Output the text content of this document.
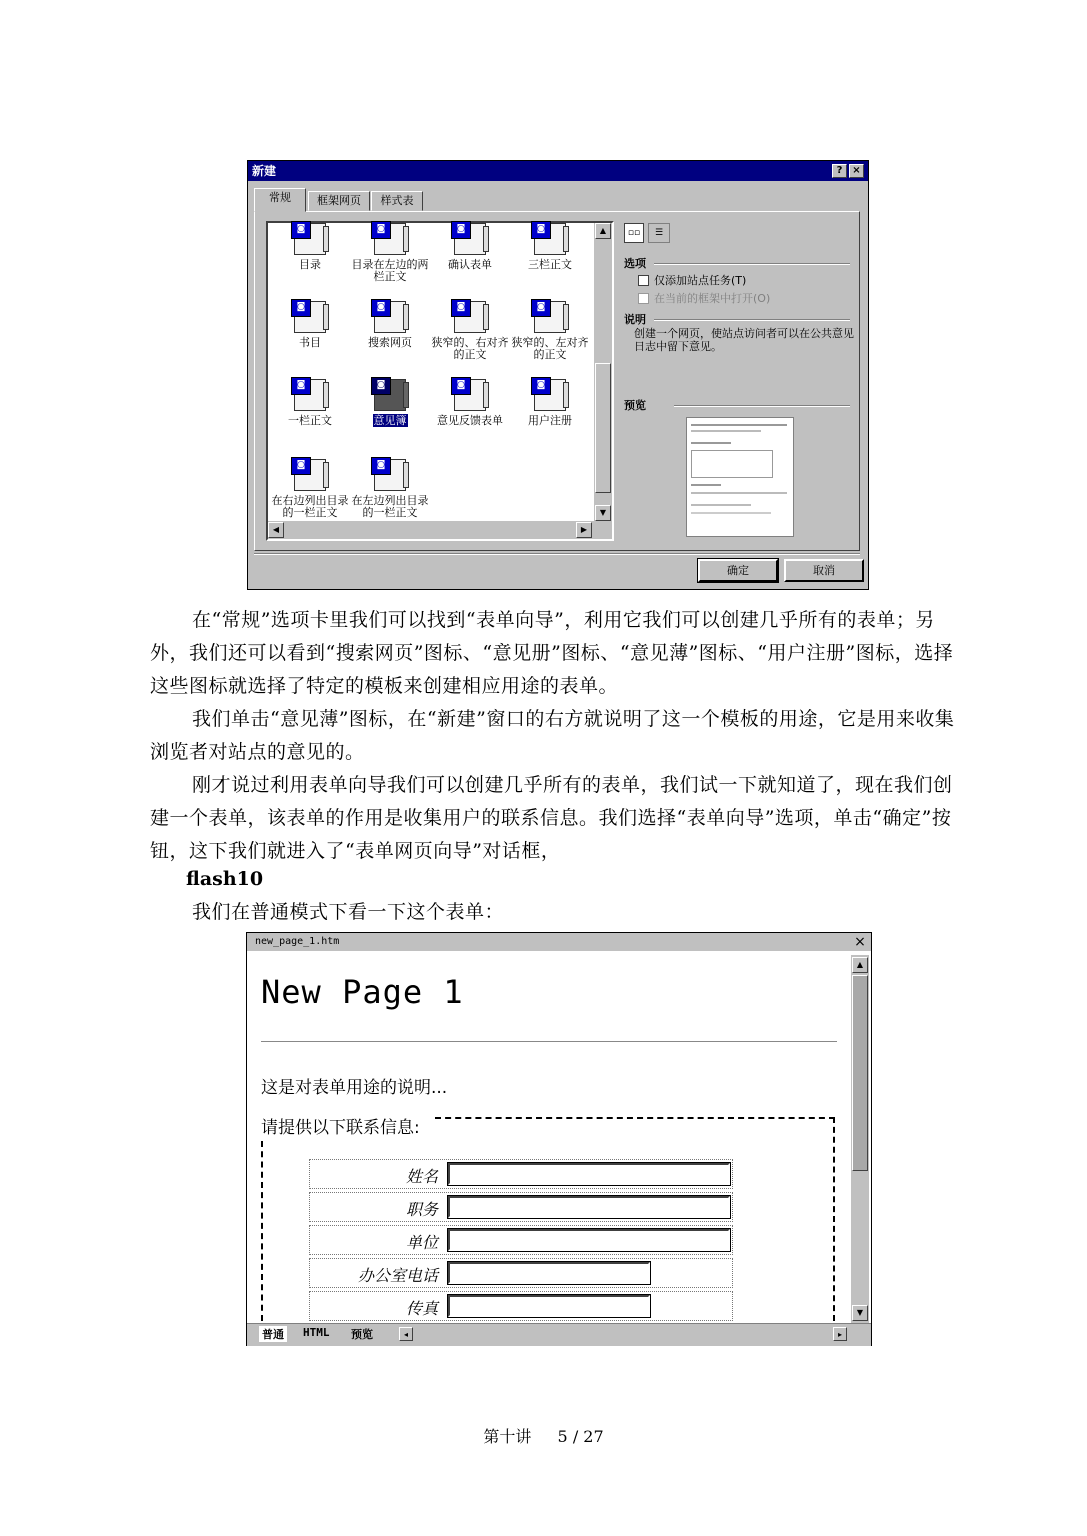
新建	? ×
常规	框架网页	样式表
◙
目录
◙
目录在左边的两栏正文
◙
确认表单
◙
三栏正文
◙
书目
◙
搜索网页
◙
狭窄的、右对齐的正文
◙
狭窄的、左对齐的正文
◙
一栏正文
◙
意见簿
◙
意见反馈表单
◙
用户注册
◙
在右边列出目录的一栏正文
◙
在左边列出目录的一栏正文
▲
▼
◀	▶
▫▫	☰
选项
仅添加站点任务(T)
在当前的框架中打开(O)
说明
创建一个网页，使站点访问者可以在公共意见日志中留下意见。
预览
确定	取消
在“常规”选项卡里我们可以找到“表单向导”，利用它我们可以创建几乎所有的表单；另外，我们还可以看到“搜索网页”图标、“意见册”图标、“意见薄”图标、“用户注册”图标，选择这些图标就选择了特定的模板来创建相应用途的表单。
我们单击“意见薄”图标，在“新建”窗口的右方就说明了这一个模板的用途，它是用来收集浏览者对站点的意见的。
刚才说过利用表单向导我们可以创建几乎所有的表单，我们试一下就知道了，现在我们创建一个表单，该表单的作用是收集用户的联系信息。我们选择“表单向导”选项，单击“确定”按钮，这下我们就进入了“表单网页向导”对话框，
flash10
我们在普通模式下看一下这个表单：
new_page_1.htm	×
New Page 1
这是对表单用途的说明...
请提供以下联系信息:
姓名
职务
单位
办公室电话
传真
▲
▼
普通 HTML 预览	◂	▸
第十讲 5 / 27
